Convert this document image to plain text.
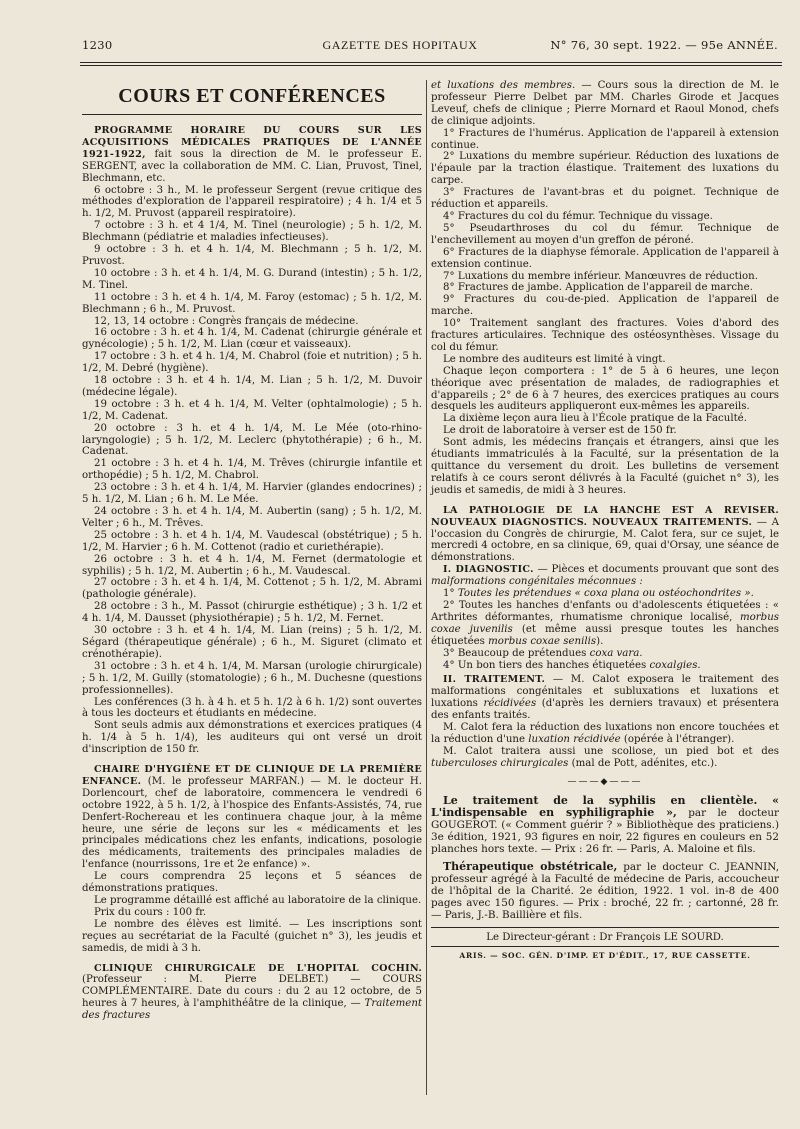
1230	GAZETTE DES HOPITAUX	N° 76, 30 sept. 1922. — 95e ANNÉE.
COURS ET CONFÉRENCES

PROGRAMME HORAIRE DU COURS SUR LES ACQUISITIONS MÉDICALES PRATIQUES DE L'ANNÉE 1921-1922, fait sous la direction de M. le professeur E. SERGENT, avec la collaboration de MM. C. Lian, Pruvost, Tinel, Blechmann, etc.

6 octobre : 3 h., M. le professeur Sergent (revue critique des méthodes d'exploration de l'appareil respiratoire) ; 4 h. 1/4 et 5 h. 1/2, M. Pruvost (appareil respiratoire).

7 octobre : 3 h. et 4 1/4, M. Tinel (neurologie) ; 5 h. 1/2, M. Blechmann (pédiatrie et maladies infectieuses).

9 octobre : 3 h. et 4 h. 1/4, M. Blechmann ; 5 h. 1/2, M. Pruvost.

10 octobre : 3 h. et 4 h. 1/4, M. G. Durand (intestin) ; 5 h. 1/2, M. Tinel.

11 octobre : 3 h. et 4 h. 1/4, M. Faroy (estomac) ; 5 h. 1/2, M. Blechmann ; 6 h., M. Pruvost.

12, 13, 14 octobre : Congrès français de médecine.

16 octobre : 3 h. et 4 h. 1/4, M. Cadenat (chirurgie générale et gynécologie) ; 5 h. 1/2, M. Lian (cœur et vaisseaux).

17 octobre : 3 h. et 4 h. 1/4, M. Chabrol (foie et nutrition) ; 5 h. 1/2, M. Debré (hygiène).

18 octobre : 3 h. et 4 h. 1/4, M. Lian ; 5 h. 1/2, M. Duvoir (médecine légale).

19 octobre : 3 h. et 4 h. 1/4, M. Velter (ophtalmologie) ; 5 h. 1/2, M. Cadenat.

20 octobre : 3 h. et 4 h. 1/4, M. Le Mée (oto-rhino-laryngologie) ; 5 h. 1/2, M. Leclerc (phytothérapie) ; 6 h., M. Cadenat.

21 octobre : 3 h. et 4 h. 1/4, M. Trêves (chirurgie infantile et orthopédie) ; 5 h. 1/2, M. Chabrol.

23 octobre : 3 h. et 4 h. 1/4, M. Harvier (glandes endocrines) ; 5 h. 1/2, M. Lian ; 6 h. M. Le Mée.

24 octobre : 3 h. et 4 h. 1/4, M. Aubertin (sang) ; 5 h. 1/2, M. Velter ; 6 h., M. Trêves.

25 octobre : 3 h. et 4 h. 1/4, M. Vaudescal (obstétrique) ; 5 h. 1/2, M. Harvier ; 6 h. M. Cottenot (radio et curiethérapie).

26 octobre : 3 h. et 4 h. 1/4, M. Fernet (dermatologie et syphilis) ; 5 h. 1/2, M. Aubertin ; 6 h., M. Vaudescal.

27 octobre : 3 h. et 4 h. 1/4, M. Cottenot ; 5 h. 1/2, M. Abrami (pathologie générale).

28 octobre : 3 h., M. Passot (chirurgie esthétique) ; 3 h. 1/2 et 4 h. 1/4, M. Dausset (physiothérapie) ; 5 h. 1/2, M. Fernet.

30 octobre : 3 h. et 4 h. 1/4, M. Lian (reins) ; 5 h. 1/2, M. Ségard (thérapeutique générale) ; 6 h., M. Siguret (climato et crénothérapie).

31 octobre : 3 h. et 4 h. 1/4, M. Marsan (urologie chirurgicale) ; 5 h. 1/2, M. Guilly (stomatologie) ; 6 h., M. Duchesne (questions professionnelles).

Les conférences (3 h. à 4 h. et 5 h. 1/2 à 6 h. 1/2) sont ouvertes à tous les docteurs et étudiants en médecine.

Sont seuls admis aux démonstrations et exercices pratiques (4 h. 1/4 à 5 h. 1/4), les auditeurs qui ont versé un droit d'inscription de 150 fr.

CHAIRE D'HYGIÈNE ET DE CLINIQUE DE LA PREMIÈRE ENFANCE. (M. le professeur MARFAN.) — M. le docteur H. Dorlencourt, chef de laboratoire, commencera le vendredi 6 octobre 1922, à 5 h. 1/2, à l'hospice des Enfants-Assistés, 74, rue Denfert-Rochereau et les continuera chaque jour, à la même heure, une série de leçons sur les « médicaments et les principales médications chez les enfants, indications, posologie des médicaments, traitements des principales maladies de l'enfance (nourrissons, 1re et 2e enfance) ».

Le cours comprendra 25 leçons et 5 séances de démonstrations pratiques.

Le programme détaillé est affiché au laboratoire de la clinique.

Prix du cours : 100 fr.

Le nombre des élèves est limité. — Les inscriptions sont reçues au secrétariat de la Faculté (guichet n° 3), les jeudis et samedis, de midi à 3 h.

CLINIQUE CHIRURGICALE DE L'HOPITAL COCHIN. (Professeur : M. Pierre DELBET.) — COURS COMPLÉMENTAIRE. Date du cours : du 2 au 12 octobre, de 5 heures à 7 heures, à l'amphithéâtre de la clinique, — Traitement des fractures

et luxations des membres. — Cours sous la direction de M. le professeur Pierre Delbet par MM. Charles Girode et Jacques Leveuf, chefs de clinique ; Pierre Mornard et Raoul Monod, chefs de clinique adjoints.

1° Fractures de l'humérus. Application de l'appareil à extension continue.

2° Luxations du membre supérieur. Réduction des luxations de l'épaule par la traction élastique. Traitement des luxations du carpe.

3° Fractures de l'avant-bras et du poignet. Technique de réduction et appareils.

4° Fractures du col du fémur. Technique du vissage.

5° Pseudarthroses du col du fémur. Technique de l'enchevillement au moyen d'un greffon de péroné.

6° Fractures de la diaphyse fémorale. Application de l'appareil à extension continue.

7° Luxations du membre inférieur. Manœuvres de réduction.

8° Fractures de jambe. Application de l'appareil de marche.

9° Fractures du cou-de-pied. Application de l'appareil de marche.

10° Traitement sanglant des fractures. Voies d'abord des fractures articulaires. Technique des ostéosynthèses. Vissage du col du fémur.

Le nombre des auditeurs est limité à vingt.

Chaque leçon comportera : 1° de 5 à 6 heures, une leçon théorique avec présentation de malades, de radiographies et d'appareils ; 2° de 6 à 7 heures, des exercices pratiques au cours desquels les auditeurs appliqueront eux-mêmes les appareils.

La dixième leçon aura lieu à l'École pratique de la Faculté.

Le droit de laboratoire à verser est de 150 fr.

Sont admis, les médecins français et étrangers, ainsi que les étudiants immatriculés à la Faculté, sur la présentation de la quittance du versement du droit. Les bulletins de versement relatifs à ce cours seront délivrés à la Faculté (guichet n° 3), les jeudis et samedis, de midi à 3 heures.

LA PATHOLOGIE DE LA HANCHE EST A REVISER. NOUVEAUX DIAGNOSTICS. NOUVEAUX TRAITEMENTS. — A l'occasion du Congrès de chirurgie, M. Calot fera, sur ce sujet, le mercredi 4 octobre, en sa clinique, 69, quai d'Orsay, une séance de démonstrations.

I. DIAGNOSTIC. — Pièces et documents prouvant que sont des malformations congénitales méconnues :

1° Toutes les prétendues « coxa plana ou ostéochondrites ».

2° Toutes les hanches d'enfants ou d'adolescents étiquetées : « Arthrites déformantes, rhumatisme chronique localisé, morbus coxae juvenilis (et même aussi presque toutes les hanches étiquetées morbus coxae senilis).

3° Beaucoup de prétendues coxa vara.

4° Un bon tiers des hanches étiquetées coxalgies.

II. TRAITEMENT. — M. Calot exposera le traitement des malformations congénitales et subluxations et luxations et luxations récidivées (d'après les derniers travaux) et présentera des enfants traités.

M. Calot fera la réduction des luxations non encore touchées et la réduction d'une luxation récidivée (opérée à l'étranger).

M. Calot traitera aussi une scoliose, un pied bot et des tuberculoses chirurgicales (mal de Pott, adénites, etc.).

———◆———

Le traitement de la syphilis en clientèle. « L'indispensable en syphiligraphie », par le docteur GOUGEROT. (« Comment guérir ? » Bibliothèque des praticiens.) 3e édition, 1921, 93 figures en noir, 22 figures en couleurs en 52 planches hors texte. — Prix : 26 fr. — Paris, A. Maloine et fils.

Thérapeutique obstétricale, par le docteur C. JEANNIN, professeur agrégé à la Faculté de médecine de Paris, accoucheur de l'hôpital de la Charité. 2e édition, 1922. 1 vol. in-8 de 400 pages avec 150 figures. — Prix : broché, 22 fr. ; cartonné, 28 fr. — Paris, J.-B. Baillière et fils.

Le Directeur-gérant : Dr François LE SOURD.
ARIS. — SOC. GÉN. D'IMP. ET D'ÉDIT., 17, RUE CASSETTE.
